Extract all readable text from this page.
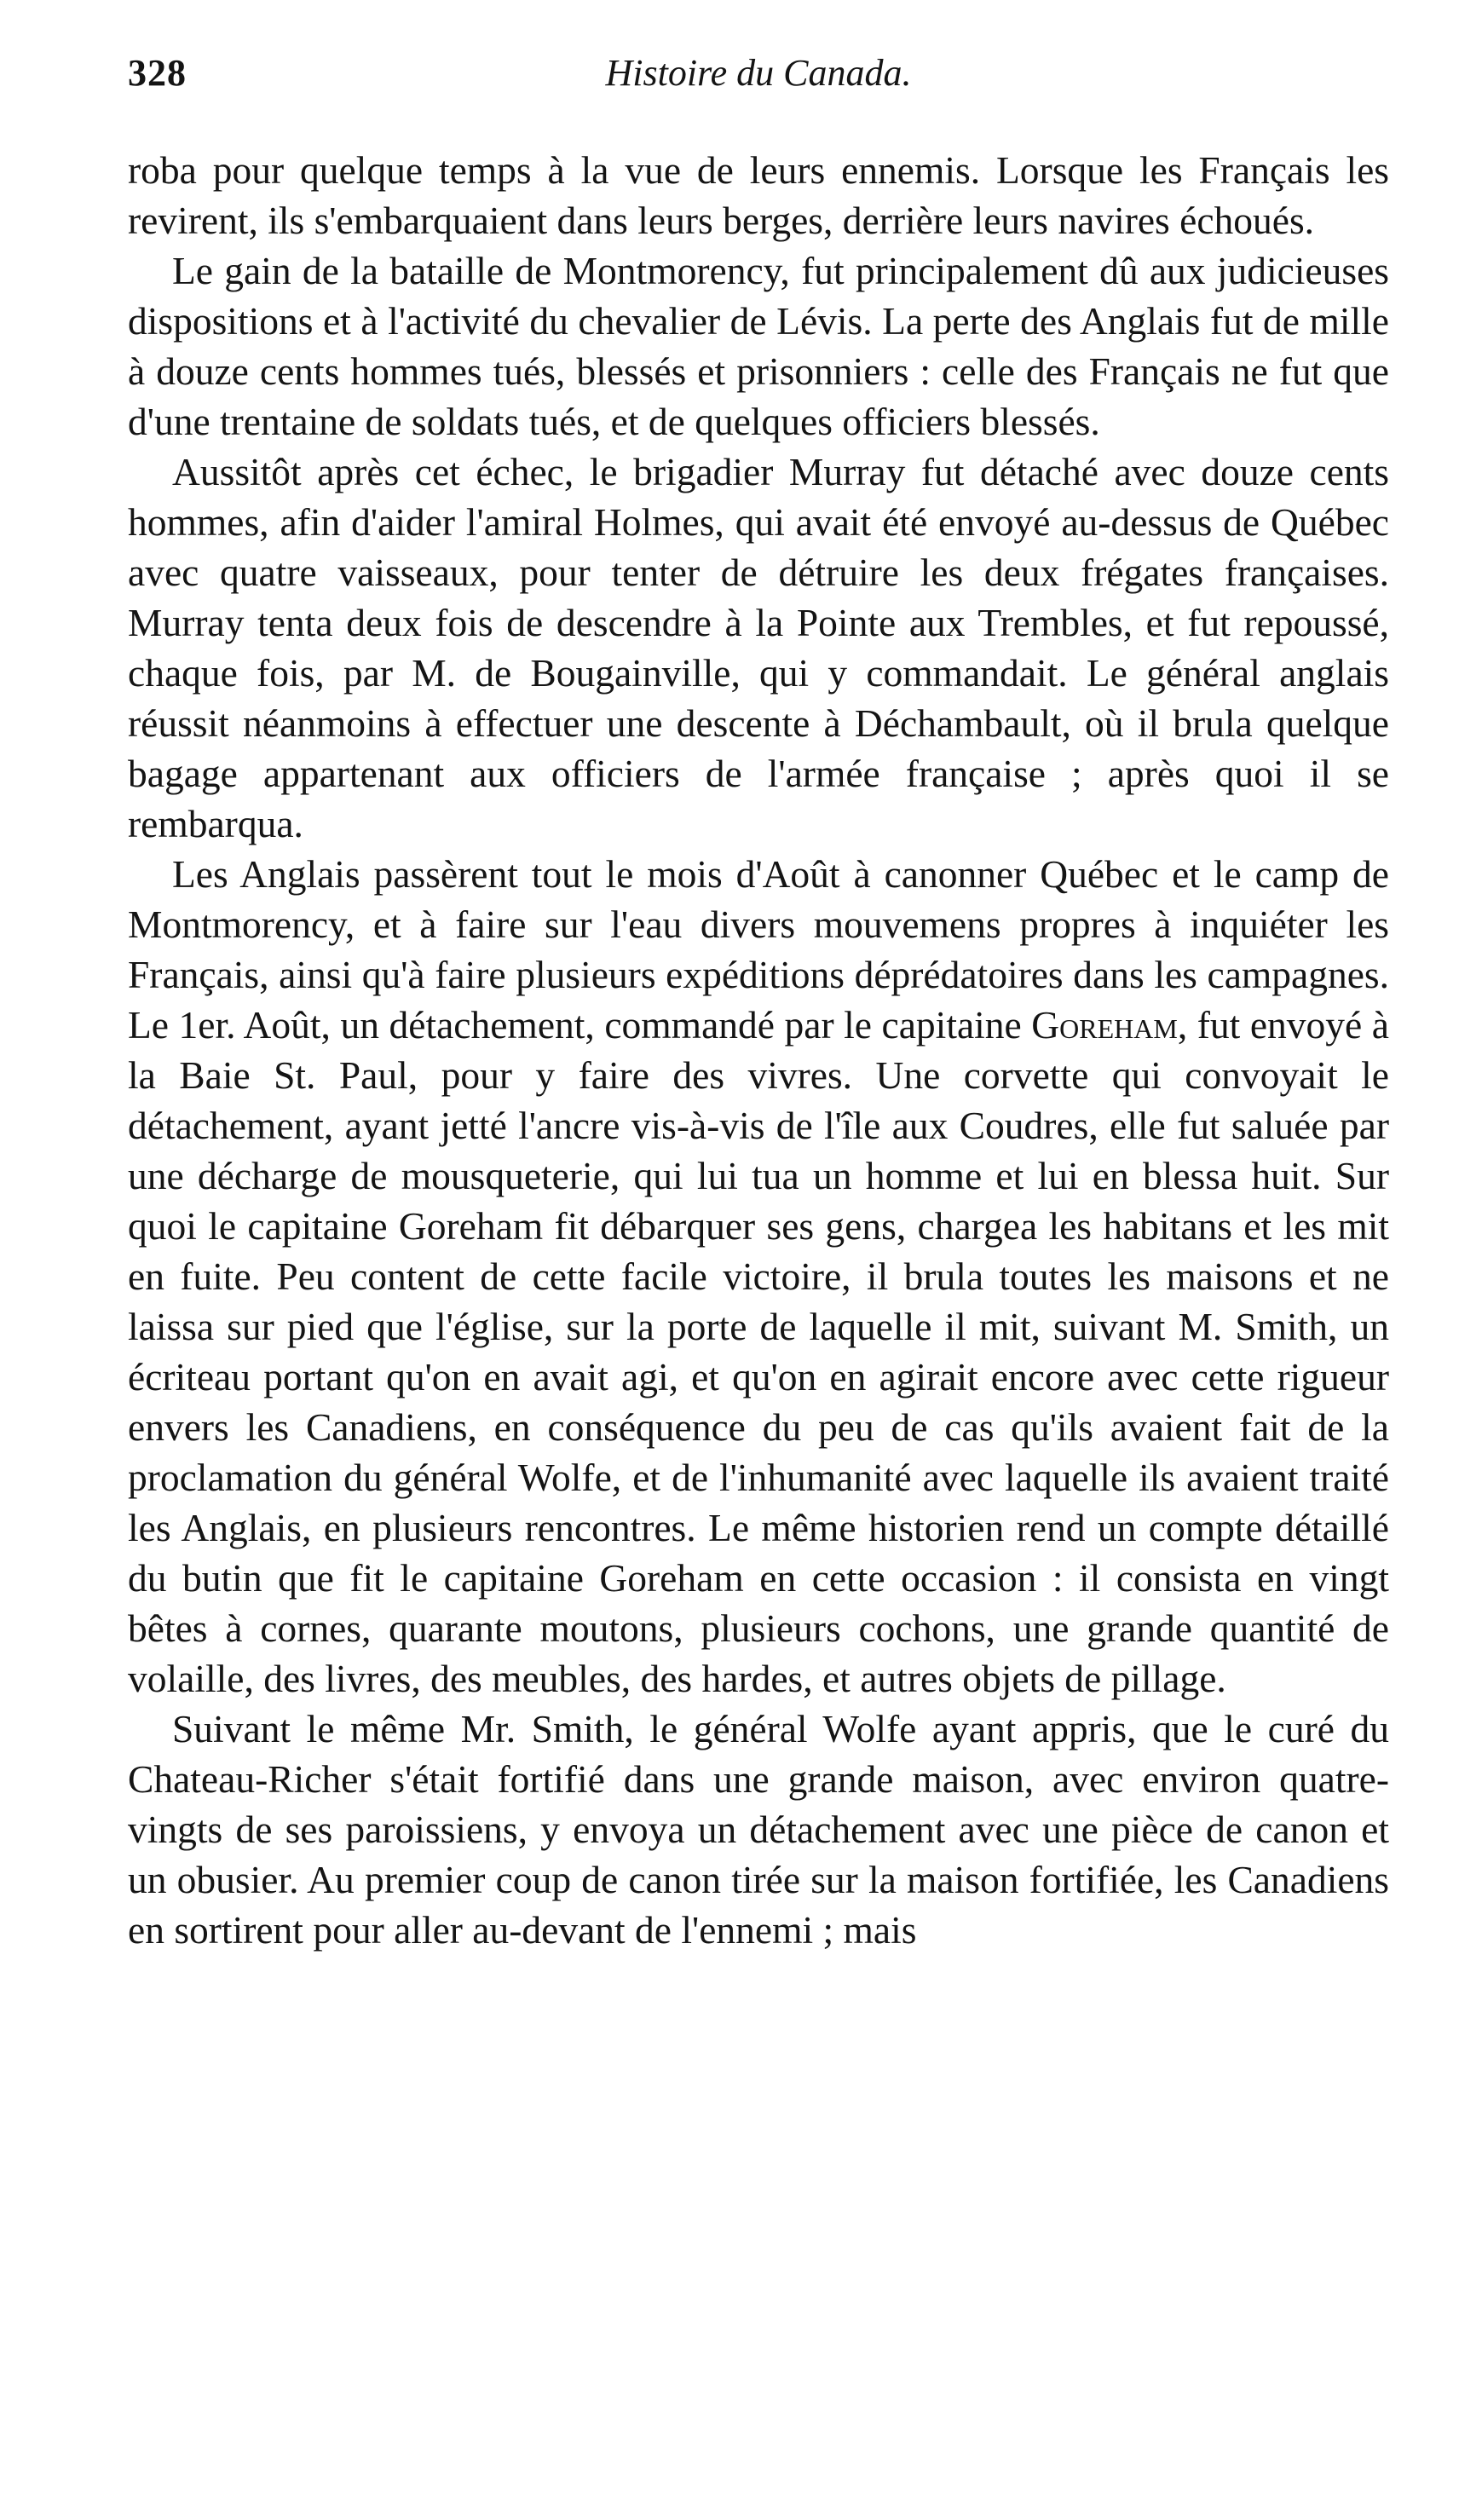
328	Histoire du Canada.

roba pour quelque temps à la vue de leurs ennemis. Lorsque les Français les revirent, ils s'embarquaient dans leurs berges, derrière leurs navires échoués.

Le gain de la bataille de Montmorency, fut principalement dû aux judicieuses dispositions et à l'activité du chevalier de Lévis. La perte des Anglais fut de mille à douze cents hommes tués, blessés et prisonniers : celle des Français ne fut que d'une trentaine de soldats tués, et de quelques officiers blessés.

Aussitôt après cet échec, le brigadier Murray fut détaché avec douze cents hommes, afin d'aider l'amiral Holmes, qui avait été envoyé au-dessus de Québec avec quatre vaisseaux, pour tenter de détruire les deux frégates françaises. Murray tenta deux fois de descendre à la Pointe aux Trembles, et fut repoussé, chaque fois, par M. de Bougainville, qui y commandait. Le général anglais réussit néanmoins à effectuer une descente à Déchambault, où il brula quelque bagage appartenant aux officiers de l'armée française ; après quoi il se rembarqua.

Les Anglais passèrent tout le mois d'Août à canonner Québec et le camp de Montmorency, et à faire sur l'eau divers mouvemens propres à inquiéter les Français, ainsi qu'à faire plusieurs expéditions déprédatoires dans les campagnes. Le 1er. Août, un détachement, commandé par le capitaine Goreham, fut envoyé à la Baie St. Paul, pour y faire des vivres. Une corvette qui convoyait le détachement, ayant jetté l'ancre vis-à-vis de l'île aux Coudres, elle fut saluée par une décharge de mousqueterie, qui lui tua un homme et lui en blessa huit. Sur quoi le capitaine Goreham fit débarquer ses gens, chargea les habitans et les mit en fuite. Peu content de cette facile victoire, il brula toutes les maisons et ne laissa sur pied que l'église, sur la porte de laquelle il mit, suivant M. Smith, un écriteau portant qu'on en avait agi, et qu'on en agirait encore avec cette rigueur envers les Canadiens, en conséquence du peu de cas qu'ils avaient fait de la proclamation du général Wolfe, et de l'inhumanité avec laquelle ils avaient traité les Anglais, en plusieurs rencontres. Le même historien rend un compte détaillé du butin que fit le capitaine Goreham en cette occasion : il consista en vingt bêtes à cornes, quarante moutons, plusieurs cochons, une grande quantité de volaille, des livres, des meubles, des hardes, et autres objets de pillage.

Suivant le même Mr. Smith, le général Wolfe ayant appris, que le curé du Chateau-Richer s'était fortifié dans une grande maison, avec environ quatre-vingts de ses paroissiens, y envoya un détachement avec une pièce de canon et un obusier. Au premier coup de canon tirée sur la maison fortifiée, les Canadiens en sortirent pour aller au-devant de l'ennemi ; mais
